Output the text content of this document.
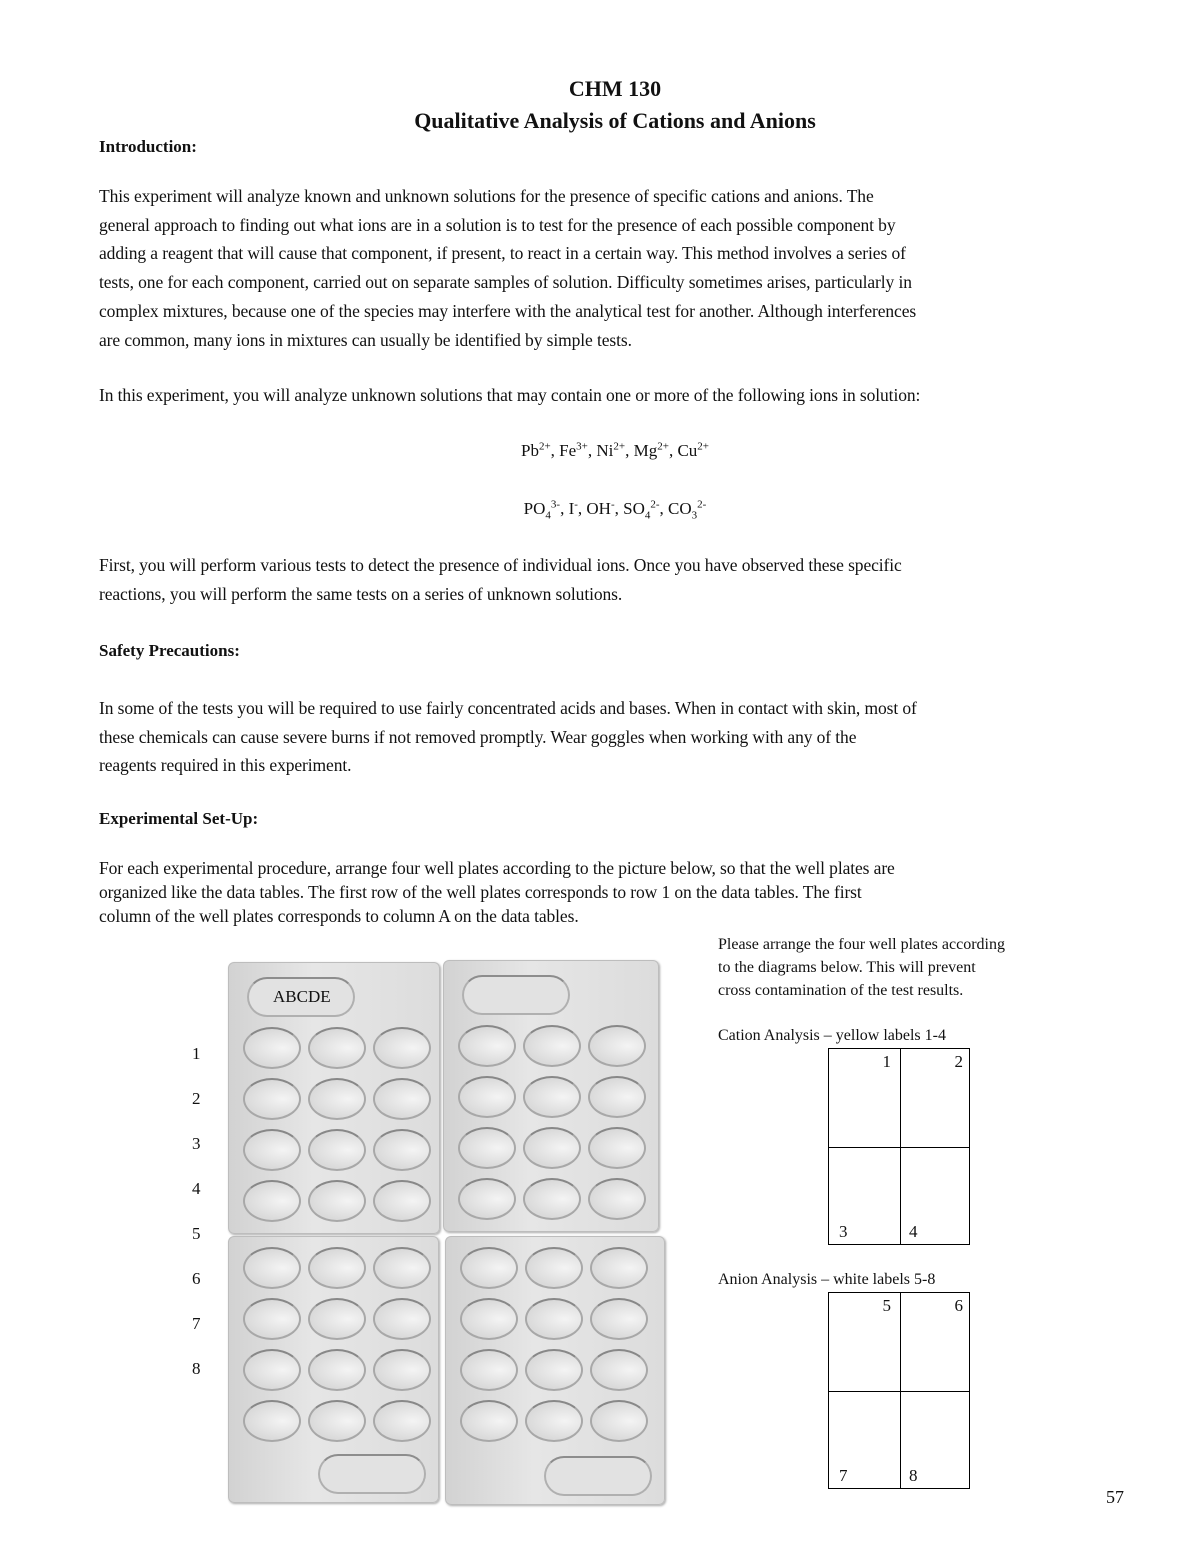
CHM 130
Qualitative Analysis of Cations and Anions
Introduction:
This experiment will analyze known and unknown solutions for the presence of specific cations and anions. The
general approach to finding out what ions are in a solution is to test for the presence of each possible component by
adding a reagent that will cause that component, if present, to react in a certain way. This method involves a series of
tests, one for each component, carried out on separate samples of solution. Difficulty sometimes arises, particularly in
complex mixtures, because one of the species may interfere with the analytical test for another. Although interferences
are common, many ions in mixtures can usually be identified by simple tests.
In this experiment, you will analyze unknown solutions that may contain one or more of the following ions in solution:
$Pb^{2+}$, $Fe^{3+}$, $Ni^{2+}$, $Mg^{2+}$, $Cu^{2+}$
$PO_4^{3-}$, I-, OH-, $SO_4^{2-}$, $CO_3^{2-}$
First, you will perform various tests to detect the presence of individual ions. Once you have observed these specific
reactions, you will perform the same tests on a series of unknown solutions.
Safety Precautions:
In some of the tests you will be required to use fairly concentrated acids and bases. When in contact with skin, most of
these chemicals can cause severe burns if not removed promptly. Wear goggles when working with any of the
reagents required in this experiment.
Experimental Set-Up:
For each experimental procedure, arrange four well plates according to the picture below, so that the well plates are
organized like the data tables. The first row of the well plates corresponds to row 1 on the data tables. The first
column of the well plates corresponds to column A on the data tables.
ABCDE
Please arrange the four well plates according
to the diagrams below. This will prevent
cross contamination of the test results.
Cation Analysis – yellow labels 1-4
1	2
3	4
Anion Analysis – white labels 5-8
5	6
7	8
57
1
2
3
4
5
6
7
8
